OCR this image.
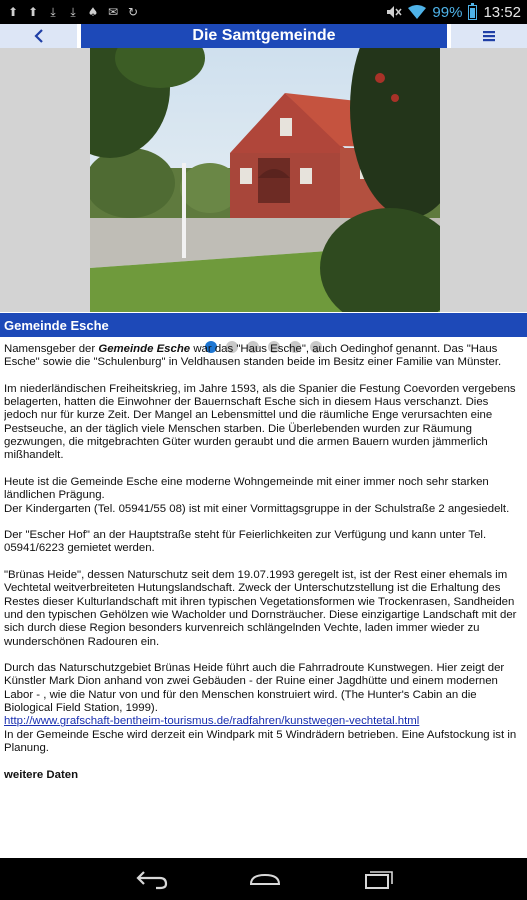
⬆ ⬆	⤓	⤓ ♠ ✉ ↻	99% 13:52
Die Samtgemeinde
Gemeinde Esche

Namensgeber der Gemeinde Esche war das "Haus Esche", auch Oedinghof genannt. Das "Haus Esche" sowie die "Schulenburg" in Veldhausen standen beide im Besitz einer Familie van Münster.

Im niederländischen Freiheitskrieg, im Jahre 1593, als die Spanier die Festung Coevorden vergebens belagerten, hatten die Einwohner der Bauernschaft Esche sich in diesem Haus verschanzt. Dies jedoch nur für kurze Zeit. Der Mangel an Lebensmittel und die räumliche Enge verursachten eine Pestseuche, an der täglich viele Menschen starben. Die Überlebenden wurden zur Räumung gezwungen, die mitgebrachten Güter wurden geraubt und die armen Bauern wurden jämmerlich mißhandelt.

Heute ist die Gemeinde Esche eine moderne Wohngemeinde mit einer immer noch sehr starken ländlichen Prägung.

Der Kindergarten (Tel. 05941/55 08) ist mit einer Vormittagsgruppe in der Schulstraße 2 angesiedelt.

Der "Escher Hof" an der Hauptstraße steht für Feierlichkeiten zur Verfügung und kann unter Tel. 05941/6223 gemietet werden.

"Brünas Heide", dessen Naturschutz seit dem 19.07.1993 geregelt ist, ist der Rest einer ehemals im Vechtetal weitverbreiteten Hutungslandschaft. Zweck der Unterschutzstellung ist die Erhaltung des Restes dieser Kulturlandschaft mit ihren typischen Vegetationsformen wie Trockenrasen, Sandheiden und den typischen Gehölzen wie Wacholder und Dornsträucher. Diese einzigartige Landschaft mit der sich durch diese Region besonders kurvenreich schlängelnden Vechte, laden immer wieder zu wunderschönen Radouren ein.

Durch das Naturschutzgebiet Brünas Heide führt auch die Fahrradroute Kunstwegen. Hier zeigt der Künstler Mark Dion anhand von zwei Gebäuden - der Ruine einer Jagdhütte und einem modernen Labor - , wie die Natur von und für den Menschen konstruiert wird. (The Hunter's Cabin an die Biological Field Station, 1999).

http://www.grafschaft-bentheim-tourismus.de/radfahren/kunstwegen-vechtetal.html

In der Gemeinde Esche wird derzeit ein Windpark mit 5 Windrädern betrieben. Eine Aufstockung ist in Planung.

weitere Daten
